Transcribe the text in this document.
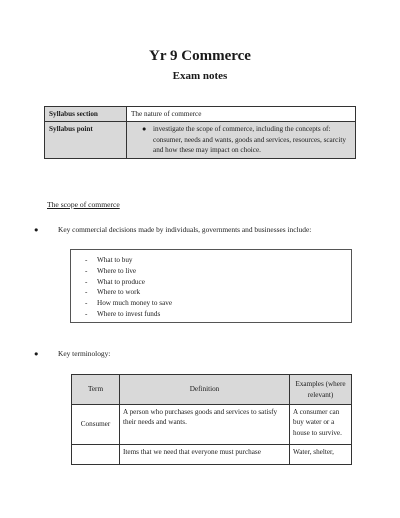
Yr 9 Commerce
Exam notes
Syllabus section	The nature of commerce
Syllabus point	● investigate the scope of commerce, including the concepts of: consumer, needs and wants, goods and services, resources, scarcity and how these may impact on choice.
The scope of commerce
●	Key commercial decisions made by individuals, governments and businesses include:
- What to buy
- Where to live
- What to produce
- Where to work
- How much money to save
- Where to invest funds
●	Key terminology:
Term	Definition	Examples (where relevant)
Consumer	A person who purchases goods and services to satisfy their needs and wants.	A consumer can buy water or a house to survive.
	Items that we need that everyone must purchase	Water, shelter,
